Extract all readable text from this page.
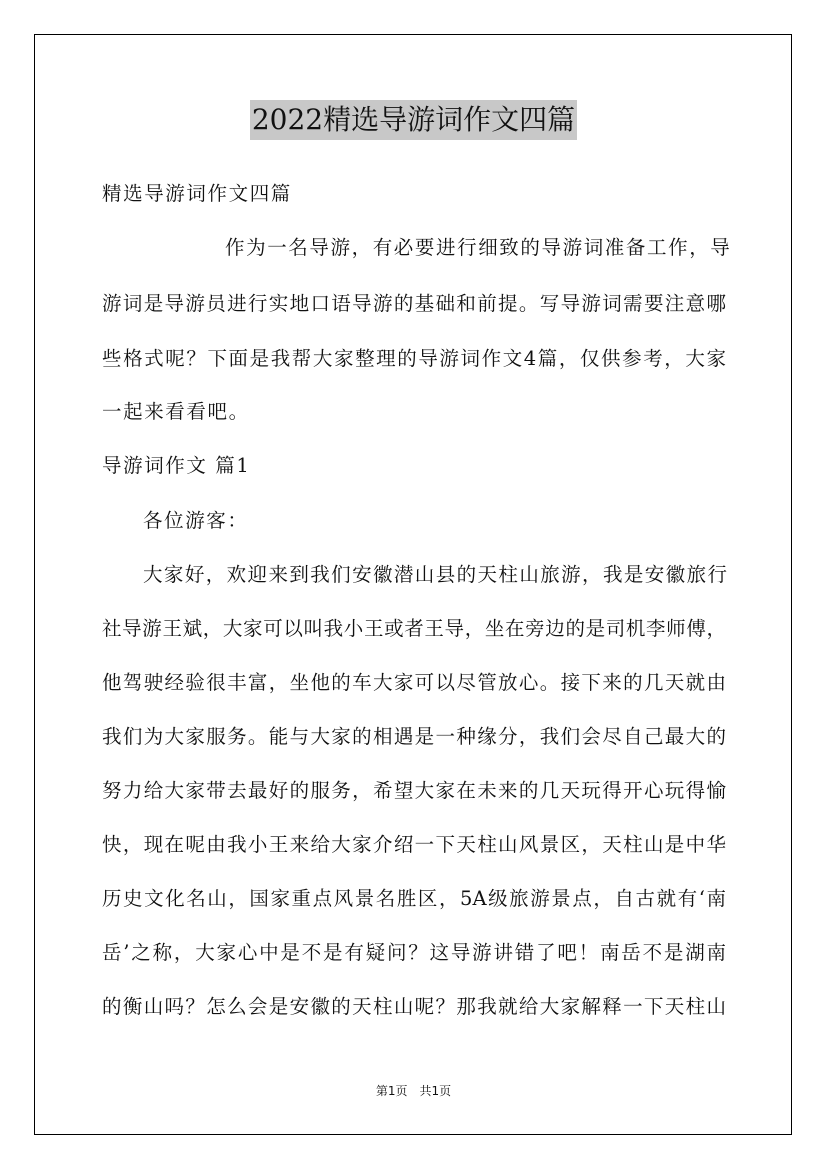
2022精选导游词作文四篇
精选导游词作文四篇
作为一名导游，有必要进行细致的导游词准备工作，导
游词是导游员进行实地口语导游的基础和前提。写导游词需要注意哪
些格式呢？下面是我帮大家整理的导游词作文4篇，仅供参考，大家
一起来看看吧。
导游词作文 篇1
各位游客：
大家好，欢迎来到我们安徽潜山县的天柱山旅游，我是安徽旅行
社导游王斌，大家可以叫我小王或者王导，坐在旁边的是司机李师傅，
他驾驶经验很丰富，坐他的车大家可以尽管放心。接下来的几天就由
我们为大家服务。能与大家的相遇是一种缘分，我们会尽自己最大的
努力给大家带去最好的服务，希望大家在未来的几天玩得开心玩得愉
快，现在呢由我小王来给大家介绍一下天柱山风景区，天柱山是中华
历史文化名山，国家重点风景名胜区，5A级旅游景点，自古就有‘南
岳’之称，大家心中是不是有疑问？这导游讲错了吧！南岳不是湖南
的衡山吗？怎么会是安徽的天柱山呢？那我就给大家解释一下天柱山
第1页　共1页
